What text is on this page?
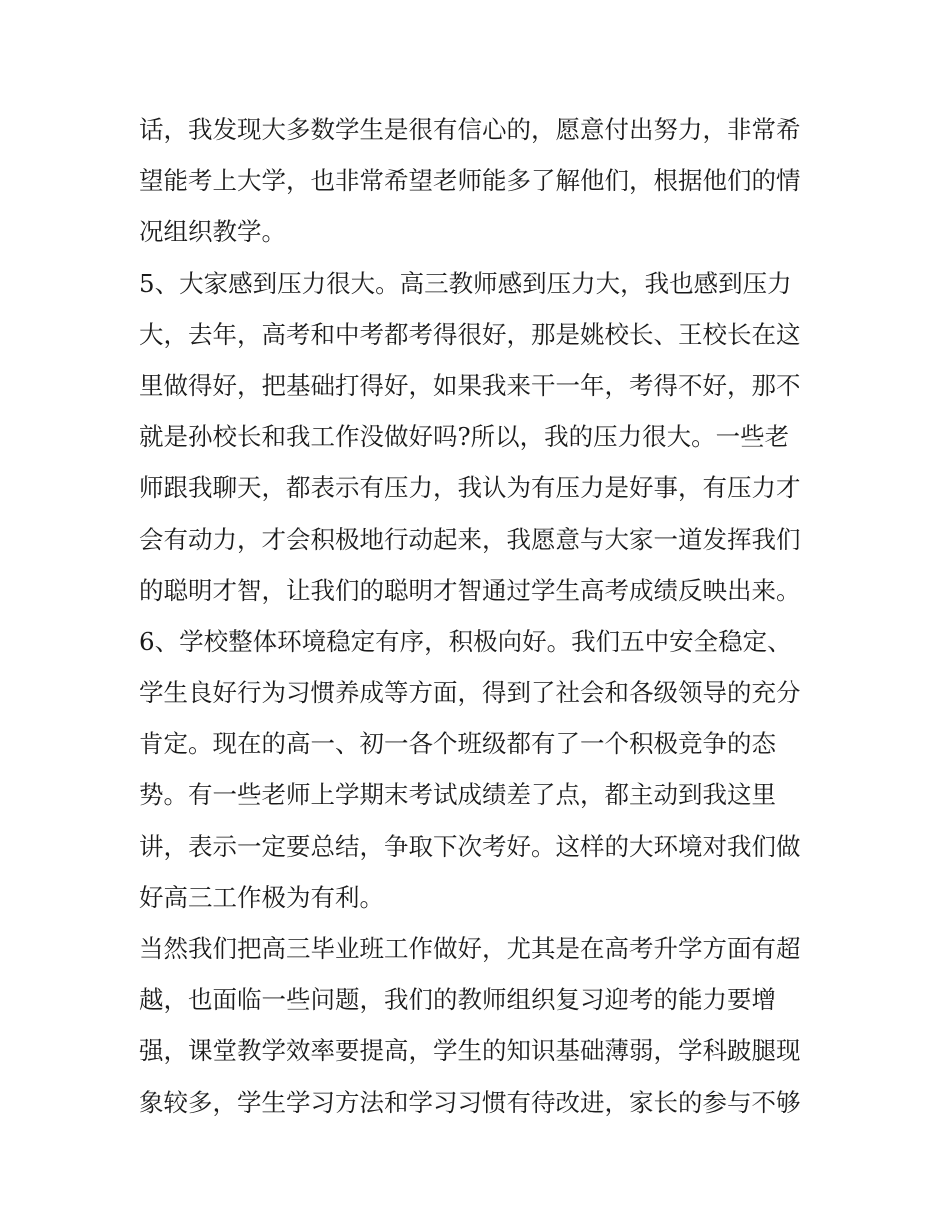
话，我发现大多数学生是很有信心的，愿意付出努力，非常希
望能考上大学，也非常希望老师能多了解他们，根据他们的情
况组织教学。
5、大家感到压力很大。高三教师感到压力大，我也感到压力
大，去年，高考和中考都考得很好，那是姚校长、王校长在这
里做得好，把基础打得好，如果我来干一年，考得不好，那不
就是孙校长和我工作没做好吗?所以，我的压力很大。一些老
师跟我聊天，都表示有压力，我认为有压力是好事，有压力才
会有动力，才会积极地行动起来，我愿意与大家一道发挥我们
的聪明才智，让我们的聪明才智通过学生高考成绩反映出来。
6、学校整体环境稳定有序，积极向好。我们五中安全稳定、
学生良好行为习惯养成等方面，得到了社会和各级领导的充分
肯定。现在的高一、初一各个班级都有了一个积极竞争的态
势。有一些老师上学期末考试成绩差了点，都主动到我这里
讲，表示一定要总结，争取下次考好。这样的大环境对我们做
好高三工作极为有利。
当然我们把高三毕业班工作做好，尤其是在高考升学方面有超
越，也面临一些问题，我们的教师组织复习迎考的能力要增
强，课堂教学效率要提高，学生的知识基础薄弱，学科跛腿现
象较多，学生学习方法和学习习惯有待改进，家长的参与不够
